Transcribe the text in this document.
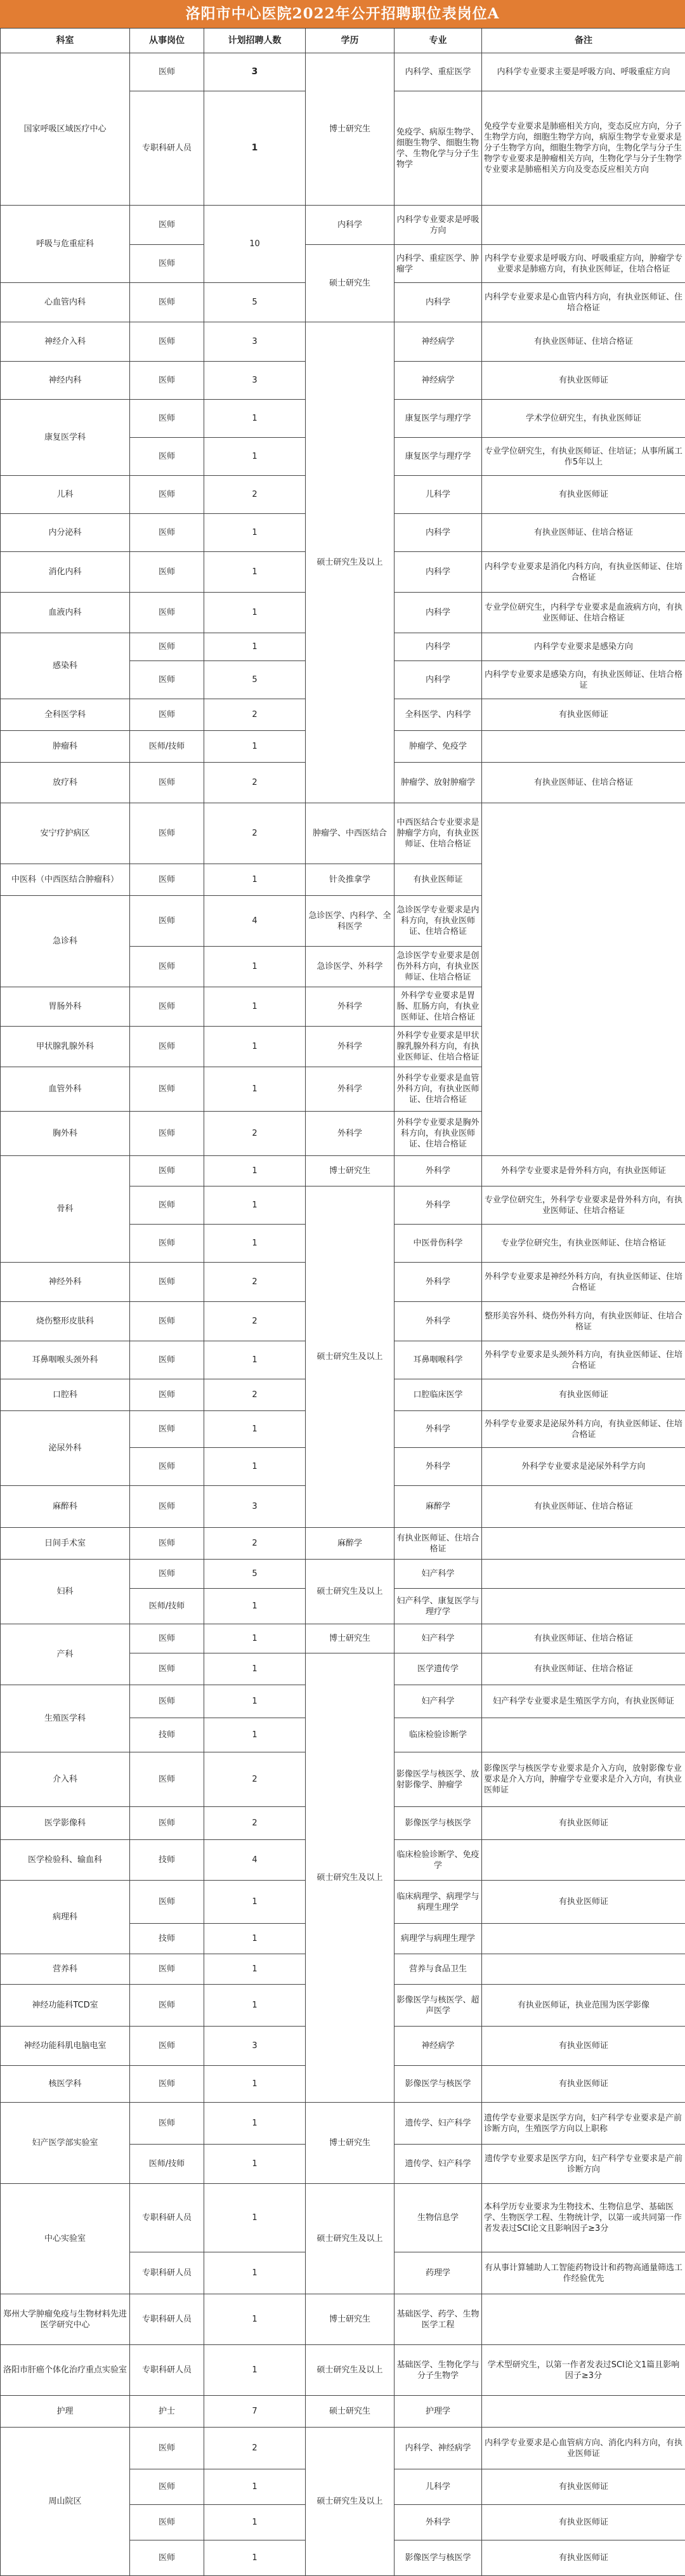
洛阳市中心医院2022年公开招聘职位表岗位A
科室	从事岗位	计划招聘人数	学历	专业	备注
国家呼吸区域医疗中心	医师	3	博士研究生	内科学、重症医学	内科学专业要求主要是呼吸方向、呼吸重症方向
	专职科研人员	1		免疫学、病原生物学、细胞生物学、细胞生物学、生物化学与分子生物学	免疫学专业要求是肺癌相关方向，变态反应方向，分子生物学方向，细胞生物学方向，病原生物学专业要求是分子生物学方向，细胞生物学方向，生物化学与分子生物学专业要求是肿瘤相关方向，生物化学与分子生物学专业要求是肺癌相关方向及变态反应相关方向
呼吸与危重症科	医师	10	内科学	内科学专业要求是呼吸方向	
	医师		硕士研究生	内科学、重症医学、肿瘤学	内科学专业要求是呼吸方向、呼吸重症方向，肿瘤学专业要求是肺癌方向，有执业医师证，住培合格证
心血管内科	医师	5		内科学	内科学专业要求是心血管内科方向，有执业医师证、住培合格证
神经介入科	医师	3	硕士研究生及以上	神经病学	有执业医师证、住培合格证
神经内科	医师	3		神经病学	有执业医师证
康复医学科	医师	1		康复医学与理疗学	学术学位研究生，有执业医师证
	医师	1		康复医学与理疗学	专业学位研究生，有执业医师证、住培证；从事所属工作5年以上
儿科	医师	2		儿科学	有执业医师证
内分泌科	医师	1		内科学	有执业医师证、住培合格证
消化内科	医师	1		内科学	内科学专业要求是消化内科方向，有执业医师证、住培合格证
血液内科	医师	1		内科学	专业学位研究生，内科学专业要求是血液病方向，有执业医师证、住培合格证
感染科	医师	1		内科学	内科学专业要求是感染方向
	医师	5		内科学	内科学专业要求是感染方向，有执业医师证、住培合格证
全科医学科	医师	2		全科医学、内科学	有执业医师证
肿瘤科	医师/技师	1		肿瘤学、免疫学	
放疗科	医师	2		肿瘤学、放射肿瘤学	有执业医师证、住培合格证
安宁疗护病区	医师	2	肿瘤学、中西医结合	中西医结合专业要求是肿瘤学方向，有执业医师证、住培合格证	
中医科（中西医结合肿瘤科）	医师	1	针灸推拿学	有执业医师证	
急诊科	医师	4	急诊医学、内科学、全科医学	急诊医学专业要求是内科方向，有执业医师证、住培合格证	
	医师	1	急诊医学、外科学	急诊医学专业要求是创伤外科方向，有执业医师证、住培合格证	
胃肠外科	医师	1	外科学	外科学专业要求是胃肠、肛肠方向，有执业医师证、住培合格证	
甲状腺乳腺外科	医师	1	外科学	外科学专业要求是甲状腺乳腺外科方向，有执业医师证、住培合格证	
血管外科	医师	1	外科学	外科学专业要求是血管外科方向，有执业医师证、住培合格证	
胸外科	医师	2	外科学	外科学专业要求是胸外科方向，有执业医师证、住培合格证	
骨科	医师	1	博士研究生	外科学	外科学专业要求是骨外科方向，有执业医师证
	医师	1	硕士研究生及以上	外科学	专业学位研究生，外科学专业要求是骨外科方向，有执业医师证、住培合格证
	医师	1		中医骨伤科学	专业学位研究生，有执业医师证、住培合格证
神经外科	医师	2		外科学	外科学专业要求是神经外科方向，有执业医师证、住培合格证
烧伤整形皮肤科	医师	2		外科学	整形美容外科、烧伤外科方向，有执业医师证、住培合格证
耳鼻咽喉头颈外科	医师	1		耳鼻咽喉科学	外科学专业要求是头颈外科方向，有执业医师证、住培合格证
口腔科	医师	2		口腔临床医学	有执业医师证
泌尿外科	医师	1		外科学	外科学专业要求是泌尿外科方向，有执业医师证、住培合格证
	医师	1		外科学	外科学专业要求是泌尿外科学方向
麻醉科	医师	3		麻醉学	有执业医师证、住培合格证
日间手术室	医师	2	麻醉学	有执业医师证、住培合格证	
妇科	医师	5	硕士研究生及以上	妇产科学	
	医师/技师	1		妇产科学、康复医学与理疗学	
产科	医师	1	博士研究生	妇产科学	有执业医师证、住培合格证
	医师	1	硕士研究生及以上	医学遗传学	有执业医师证、住培合格证
生殖医学科	医师	1		妇产科学	妇产科学专业要求是生殖医学方向，有执业医师证
	技师	1		临床检验诊断学	
介入科	医师	2		影像医学与核医学、放射影像学、肿瘤学	影像医学与核医学专业要求是介入方向，放射影像专业要求是介入方向，肿瘤学专业要求是介入方向，有执业医师证
医学影像科	医师	2		影像医学与核医学	有执业医师证
医学检验科、输血科	技师	4		临床检验诊断学、免疫学	
病理科	医师	1		临床病理学、病理学与病理生理学	有执业医师证
	技师	1		病理学与病理生理学	
营养科	医师	1		营养与食品卫生	
神经功能科TCD室	医师	1		影像医学与核医学、超声医学	有执业医师证，执业范围为医学影像
神经功能科肌电脑电室	医师	3		神经病学	有执业医师证
核医学科	医师	1		影像医学与核医学	有执业医师证
妇产医学部实验室	医师	1	博士研究生	遗传学、妇产科学	遗传学专业要求是医学方向，妇产科学专业要求是产前诊断方向，生殖医学方向以上职称
	医师/技师	1		遗传学、妇产科学	遗传学专业要求是医学方向，妇产科学专业要求是产前诊断方向
中心实验室	专职科研人员	1	硕士研究生及以上	生物信息学	本科学历专业要求为生物技术、生物信息学、基础医学、生物医学工程、生物统计学，以第一或共同第一作者发表过SCI论文且影响因子≥3分
	专职科研人员	1		药理学	有从事计算辅助人工智能药物设计和药物高通量筛选工作经验优先
郑州大学肿瘤免疫与生物材料先进医学研究中心	专职科研人员	1	博士研究生	基础医学、药学、生物医学工程	
洛阳市肝癌个体化治疗重点实验室	专职科研人员	1	硕士研究生及以上	基础医学、生物化学与分子生物学	学术型研究生，以第一作者发表过SCI论文1篇且影响因子≥3分
护理	护士	7	硕士研究生	护理学	
周山院区	医师	2	硕士研究生及以上	内科学、神经病学	内科学专业要求是心血管病方向、消化内科方向，有执业医师证
	医师	1		儿科学	有执业医师证
	医师	1		外科学	有执业医师证
	医师	1		影像医学与核医学	有执业医师证
